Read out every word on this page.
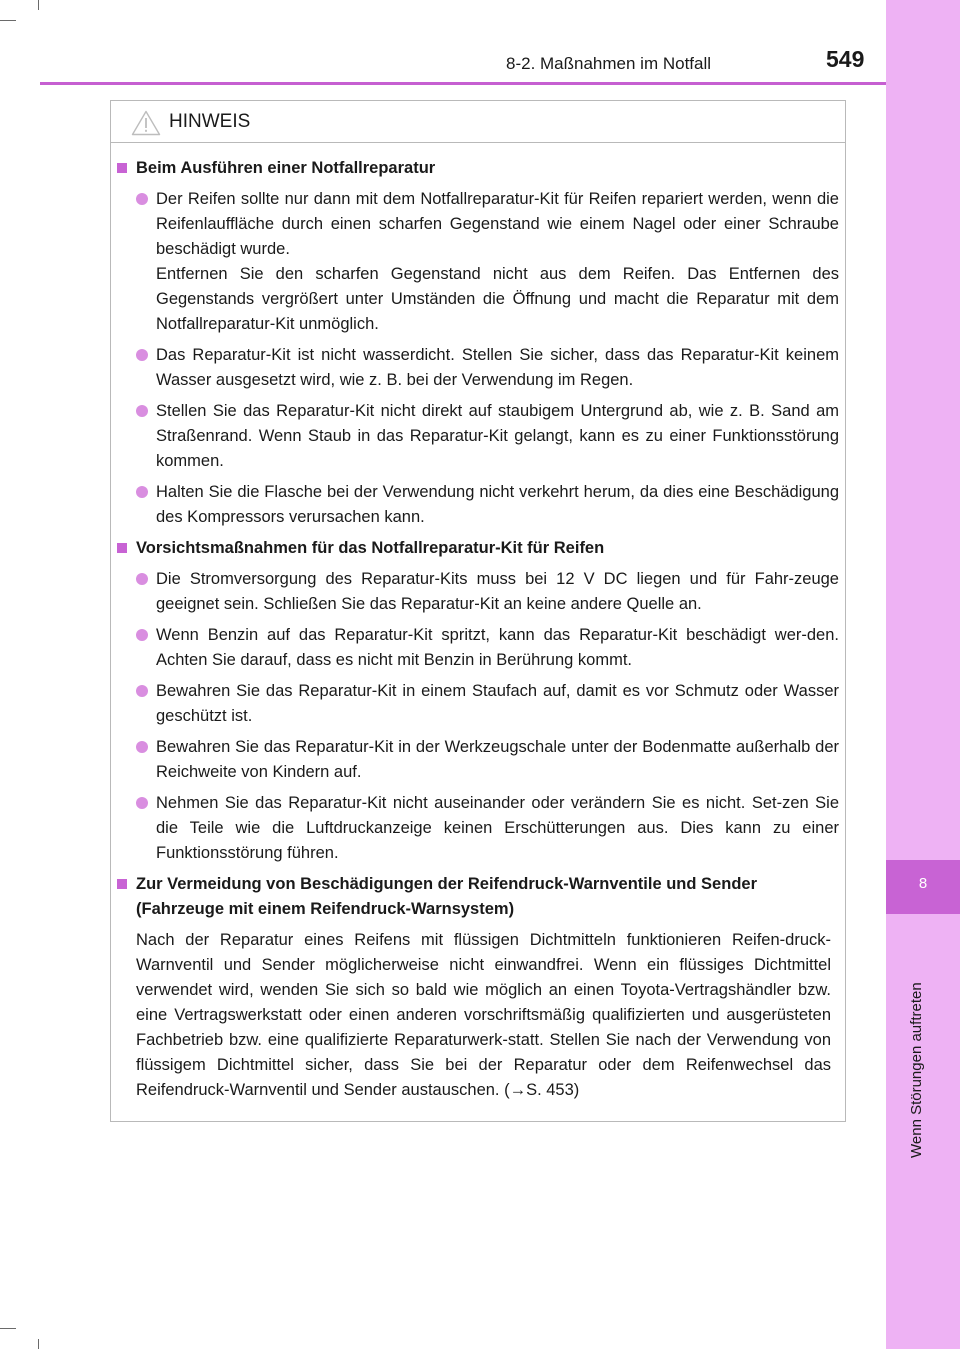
8
Wenn Störungen auftreten
8-2. Maßnahmen im Notfall	549
HINWEIS
Beim Ausführen einer Notfallreparatur
Der Reifen sollte nur dann mit dem Notfallreparatur-Kit für Reifen repariert werden, wenn die Reifenlauffläche durch einen scharfen Gegenstand wie einem Nagel oder einer Schraube beschädigt wurde.
Entfernen Sie den scharfen Gegenstand nicht aus dem Reifen. Das Entfernen des Gegenstands vergrößert unter Umständen die Öffnung und macht die Reparatur mit dem Notfallreparatur-Kit unmöglich.
Das Reparatur-Kit ist nicht wasserdicht. Stellen Sie sicher, dass das Reparatur-Kit keinem Wasser ausgesetzt wird, wie z. B. bei der Verwendung im Regen.
Stellen Sie das Reparatur-Kit nicht direkt auf staubigem Untergrund ab, wie z. B. Sand am Straßenrand. Wenn Staub in das Reparatur-Kit gelangt, kann es zu einer Funktionsstörung kommen.
Halten Sie die Flasche bei der Verwendung nicht verkehrt herum, da dies eine Beschädigung des Kompressors verursachen kann.
Vorsichtsmaßnahmen für das Notfallreparatur-Kit für Reifen
Die Stromversorgung des Reparatur-Kits muss bei 12 V DC liegen und für Fahr-zeuge geeignet sein. Schließen Sie das Reparatur-Kit an keine andere Quelle an.
Wenn Benzin auf das Reparatur-Kit spritzt, kann das Reparatur-Kit beschädigt wer-den. Achten Sie darauf, dass es nicht mit Benzin in Berührung kommt.
Bewahren Sie das Reparatur-Kit in einem Staufach auf, damit es vor Schmutz oder Wasser geschützt ist.
Bewahren Sie das Reparatur-Kit in der Werkzeugschale unter der Bodenmatte außerhalb der Reichweite von Kindern auf.
Nehmen Sie das Reparatur-Kit nicht auseinander oder verändern Sie es nicht. Set-zen Sie die Teile wie die Luftdruckanzeige keinen Erschütterungen aus. Dies kann zu einer Funktionsstörung führen.
Zur Vermeidung von Beschädigungen der Reifendruck-Warnventile und Sender (Fahrzeuge mit einem Reifendruck-Warnsystem)
Nach der Reparatur eines Reifens mit flüssigen Dichtmitteln funktionieren Reifen-druck-Warnventil und Sender möglicherweise nicht einwandfrei. Wenn ein flüssiges Dichtmittel verwendet wird, wenden Sie sich so bald wie möglich an einen Toyota-Vertragshändler bzw. eine Vertragswerkstatt oder einen anderen vorschriftsmäßig qualifizierten und ausgerüsteten Fachbetrieb bzw. eine qualifizierte Reparaturwerk-statt. Stellen Sie nach der Verwendung von flüssigem Dichtmittel sicher, dass Sie bei der Reparatur oder dem Reifenwechsel das Reifendruck-Warnventil und Sender austauschen. (→S. 453)
